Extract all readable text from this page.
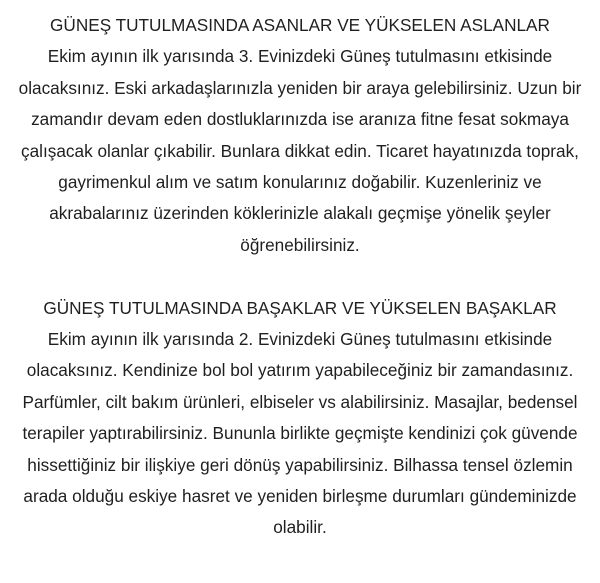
GÜNEŞ TUTULMASINDA ASANLAR VE YÜKSELEN ASLANLAR

Ekim ayının ilk yarısında 3. Evinizdeki Güneş tutulmasını etkisinde olacaksınız. Eski arkadaşlarınızla yeniden bir araya gelebilirsiniz. Uzun bir zamandır devam eden dostluklarınızda ise aranıza fitne fesat sokmaya çalışacak olanlar çıkabilir. Bunlara dikkat edin. Ticaret hayatınızda toprak, gayrimenkul alım ve satım konularınız doğabilir. Kuzenleriniz ve akrabalarınız üzerinden köklerinizle alakalı geçmişe yönelik şeyler öğrenebilirsiniz.

GÜNEŞ TUTULMASINDA BAŞAKLAR VE YÜKSELEN BAŞAKLAR

Ekim ayının ilk yarısında 2. Evinizdeki Güneş tutulmasını etkisinde olacaksınız. Kendinize bol bol yatırım yapabileceğiniz bir zamandasınız. Parfümler, cilt bakım ürünleri, elbiseler vs alabilirsiniz. Masajlar, bedensel terapiler yaptırabilirsiniz. Bununla birlikte geçmişte kendinizi çok güvende hissettiğiniz bir ilişkiye geri dönüş yapabilirsiniz. Bilhassa tensel özlemin arada olduğu eskiye hasret ve yeniden birleşme durumları gündeminizde olabilir.
